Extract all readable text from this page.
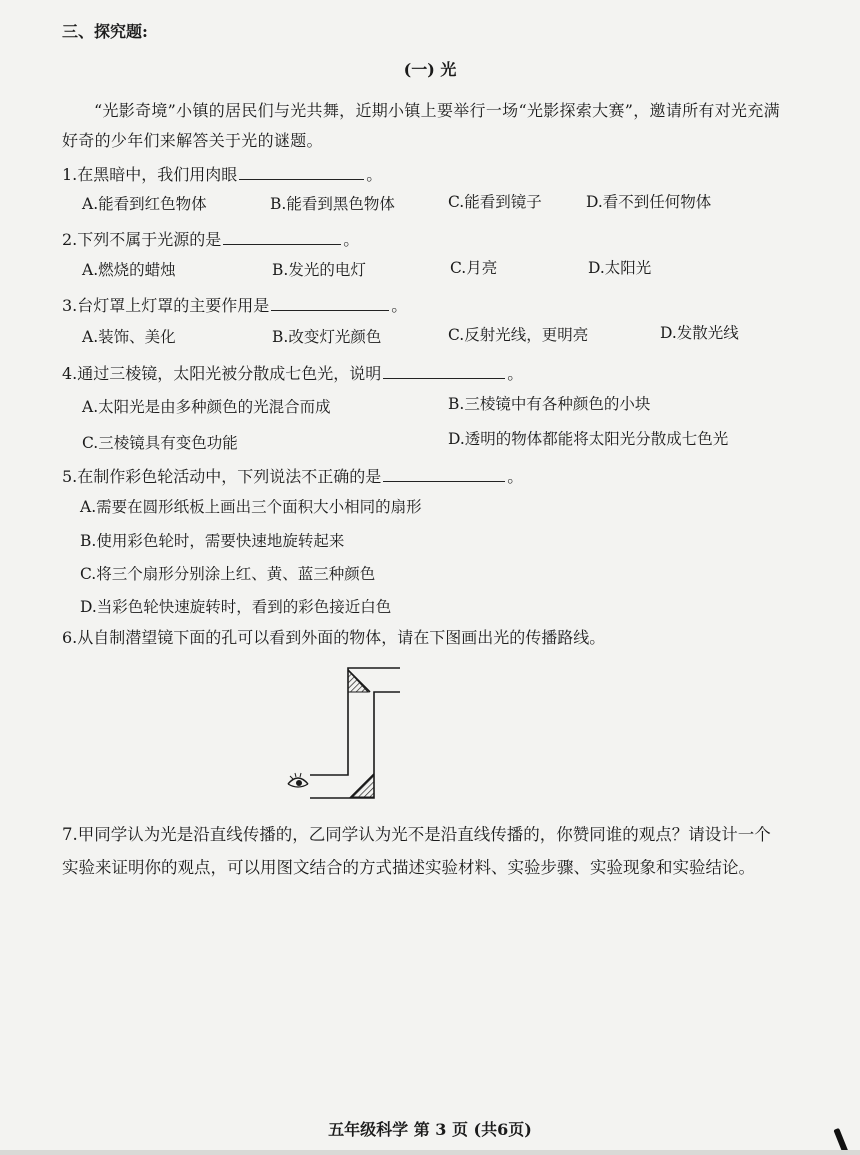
三、探究题:
(一) 光
“光影奇境”小镇的居民们与光共舞，近期小镇上要举行一场“光影探索大赛”，邀请所有对光充满好奇的少年们来解答关于光的谜题。
1.在黑暗中，我们用肉眼	。
A.能看到红色物体	B.能看到黑色物体	C.能看到镜子	D.看不到任何物体
2.下列不属于光源的是	。
A.燃烧的蜡烛	B.发光的电灯	C.月亮	D.太阳光
3.台灯罩上灯罩的主要作用是	。
A.装饰、美化	B.改变灯光颜色	C.反射光线，更明亮	D.发散光线
4.通过三棱镜，太阳光被分散成七色光，说明	。
A.太阳光是由多种颜色的光混合而成	B.三棱镜中有各种颜色的小块
C.三棱镜具有变色功能	D.透明的物体都能将太阳光分散成七色光
5.在制作彩色轮活动中，下列说法不正确的是	。
A.需要在圆形纸板上画出三个面积大小相同的扇形
B.使用彩色轮时，需要快速地旋转起来
C.将三个扇形分别涂上红、黄、蓝三种颜色
D.当彩色轮快速旋转时，看到的彩色接近白色
6.从自制潜望镜下面的孔可以看到外面的物体，请在下图画出光的传播路线。
7.甲同学认为光是沿直线传播的，乙同学认为光不是沿直线传播的，你赞同谁的观点？请设计一个实验来证明你的观点，可以用图文结合的方式描述实验材料、实验步骤、实验现象和实验结论。
五年级科学 第 3 页 (共6页)
